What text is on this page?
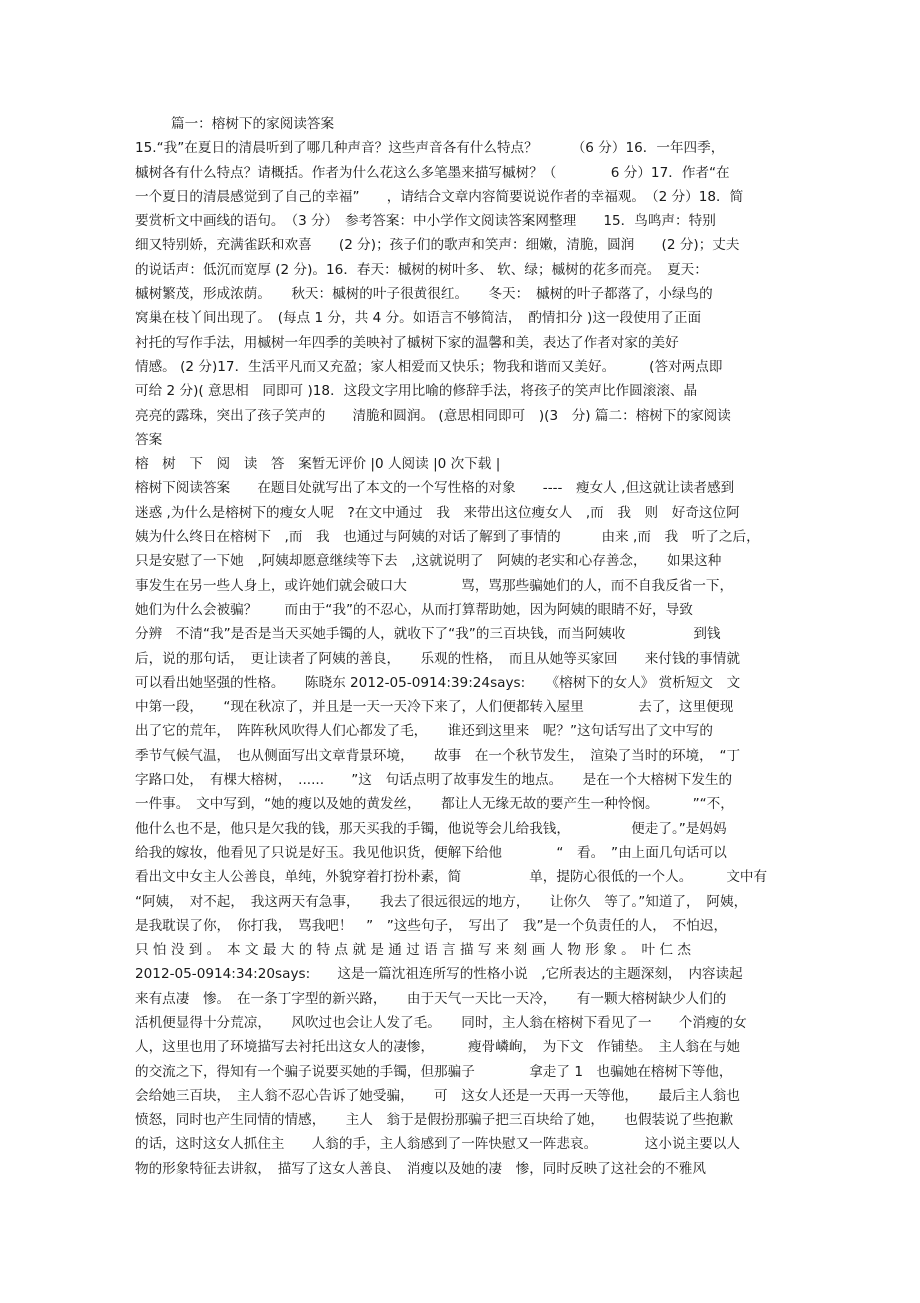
篇一：榕树下的家阅读答案
15.“我”在夏日的清晨听到了哪几种声音？这些声音各有什么特点？　　　（6 分）16．一年四季，
槭树各有什么特点？请概括。作者为什么花这么多笔墨来描写槭树？（　　　　6 分）17．作者“在
一个夏日的清晨感觉到了自己的幸福”　　，请结合文章内容简要说说作者的幸福观。　（2 分）18．简
要赏析文中画线的语句。　（3 分）　参考答案：中小学作文阅读答案网整理　　15．鸟鸣声：特别
细又特别娇，充满雀跃和欢喜　　(2 分)；孩子们的歌声和笑声：细嫩，清脆，圆润　　(2 分)；丈夫
的说话声：低沉而宽厚 (2 分)。16．春天：槭树的树叶多、 软、绿；槭树的花多而亮。　夏天：
槭树繁茂，形成浓荫。　　秋天：槭树的叶子很黄很红。　　冬天：　槭树的叶子都落了，小绿鸟的
窝巢在枝丫间出现了。　(每点 1 分，共 4 分。如语言不够简洁，　酌情扣分 )这一段使用了正面
衬托的写作手法，用槭树一年四季的美映衬了槭树下家的温馨和美，表达了作者对家的美好
情感。 (2 分)17．生活平凡而又充盈；家人相爱而又快乐；物我和谐而又美好。　　　(答对两点即
可给 2 分)( 意思相　同即可 )18．这段文字用比喻的修辞手法，将孩子的笑声比作圆滚滚、晶
亮亮的露珠，突出了孩子笑声的　　清脆和圆润。 (意思相同即可　)(3　分) 篇二：榕树下的家阅读
答案
榕　树　下　阅　读　答　案暂无评价 |0 人阅读 |0 次下载 |
榕树下阅读答案　　在题目处就写出了本文的一个写性格的对象　　----　瘦女人 ,但这就让读者感到
迷惑 ,为什么是榕树下的瘦女人呢　?在文中通过　我　来带出这位瘦女人　,而　我　则　好奇这位阿
姨为什么终日在榕树下　,而　我　也通过与阿姨的对话了解到了事情的　　　由来 ,而　我　听了之后，
只是安慰了一下她　,阿姨却愿意继续等下去　,这就说明了　阿姨的老实和心存善念，　　如果这种
事发生在另一些人身上，或许她们就会破口大　　　　骂，骂那些骗她们的人，而不自我反省一下，
她们为什么会被骗？　　而由于“我”的不忍心，从而打算帮助她，因为阿姨的眼睛不好，导致
分辨　不清“我”是否是当天买她手镯的人，就收下了“我”的三百块钱，而当阿姨收　　　　　到钱
后，说的那句话，　更让读者了阿姨的善良，　　乐观的性格，　而且从她等买家回　　来付钱的事情就
可以看出她坚强的性格。　　陈晓东 2012-05-0914:39:24says:　　《榕树下的女人》 赏析短文　文
中第一段，　　“现在秋凉了，并且是一天一天冷下来了，人们便都转入屋里　　　　去了，这里便现
出了它的荒年，　阵阵秋风吹得人们心都发了毛，　　谁还到这里来　呢？”这句话写出了文中写的
季节气候气温，　也从侧面写出文章背景环境，　　故事　在一个秋节发生，　渲染了当时的环境，　“丁
字路口处，　有棵大榕树，　......　　”这　句话点明了故事发生的地点。　　是在一个大榕树下发生的
一件事。　文中写到，“她的瘦以及她的黄发丝，　　都让人无缘无故的要产生一种怜悯。　　　”“不，
他什么也不是，他只是欠我的钱，那天买我的手镯，他说等会儿给我钱，　　　　　便走了。”是妈妈
给我的嫁妆，他看见了只说是好玉。我见他识货，便解下给他　　　　“　看。　”由上面几句话可以
看出文中女主人公善良，单纯，外貌穿着打扮朴素，简　　　　　单，提防心很低的一个人。　　　文中有
“阿姨，　对不起，　我这两天有急事，　　我去了很远很远的地方，　　让你久　等了。”知道了，　阿姨，
是我耽误了你，　你打我，　骂我吧！　”　”这些句子，　写出了　我”是一个负责任的人，　不怕迟，
只 怕 没 到 。　本 文 最 大 的 特 点 就 是 通 过 语 言 描 写 来 刻 画 人 物 形 象 。　叶 仁 杰
2012-05-0914:34:20says:　　这是一篇沈祖连所写的性格小说　,它所表达的主题深刻，　内容读起
来有点凄　惨。　在一条丁字型的新兴路，　　由于天气一天比一天冷，　　有一颗大榕树缺少人们的
活机便显得十分荒凉，　　风吹过也会让人发了毛。　　同时，主人翁在榕树下看见了一　　个消瘦的女
人，这里也用了环境描写去衬托出这女人的凄惨，　　　瘦骨嶙峋，　为下文　作铺垫。　主人翁在与她
的交流之下，得知有一个骗子说要买她的手镯，但那骗子　　　　拿走了 1　也骗她在榕树下等他，
会给她三百块，　主人翁不忍心告诉了她受骗，　　可　这女人还是一天再一天等他，　　最后主人翁也
愤怒，同时也产生同情的情感，　　主人　翁于是假扮那骗子把三百块给了她，　　也假装说了些抱歉
的话，这时这女人抓住主　　人翁的手，主人翁感到了一阵快慰又一阵悲哀。　　　　这小说主要以人
物的形象特征去讲叙，　描写了这女人善良、　消瘦以及她的凄　惨，同时反映了这社会的不雅风
